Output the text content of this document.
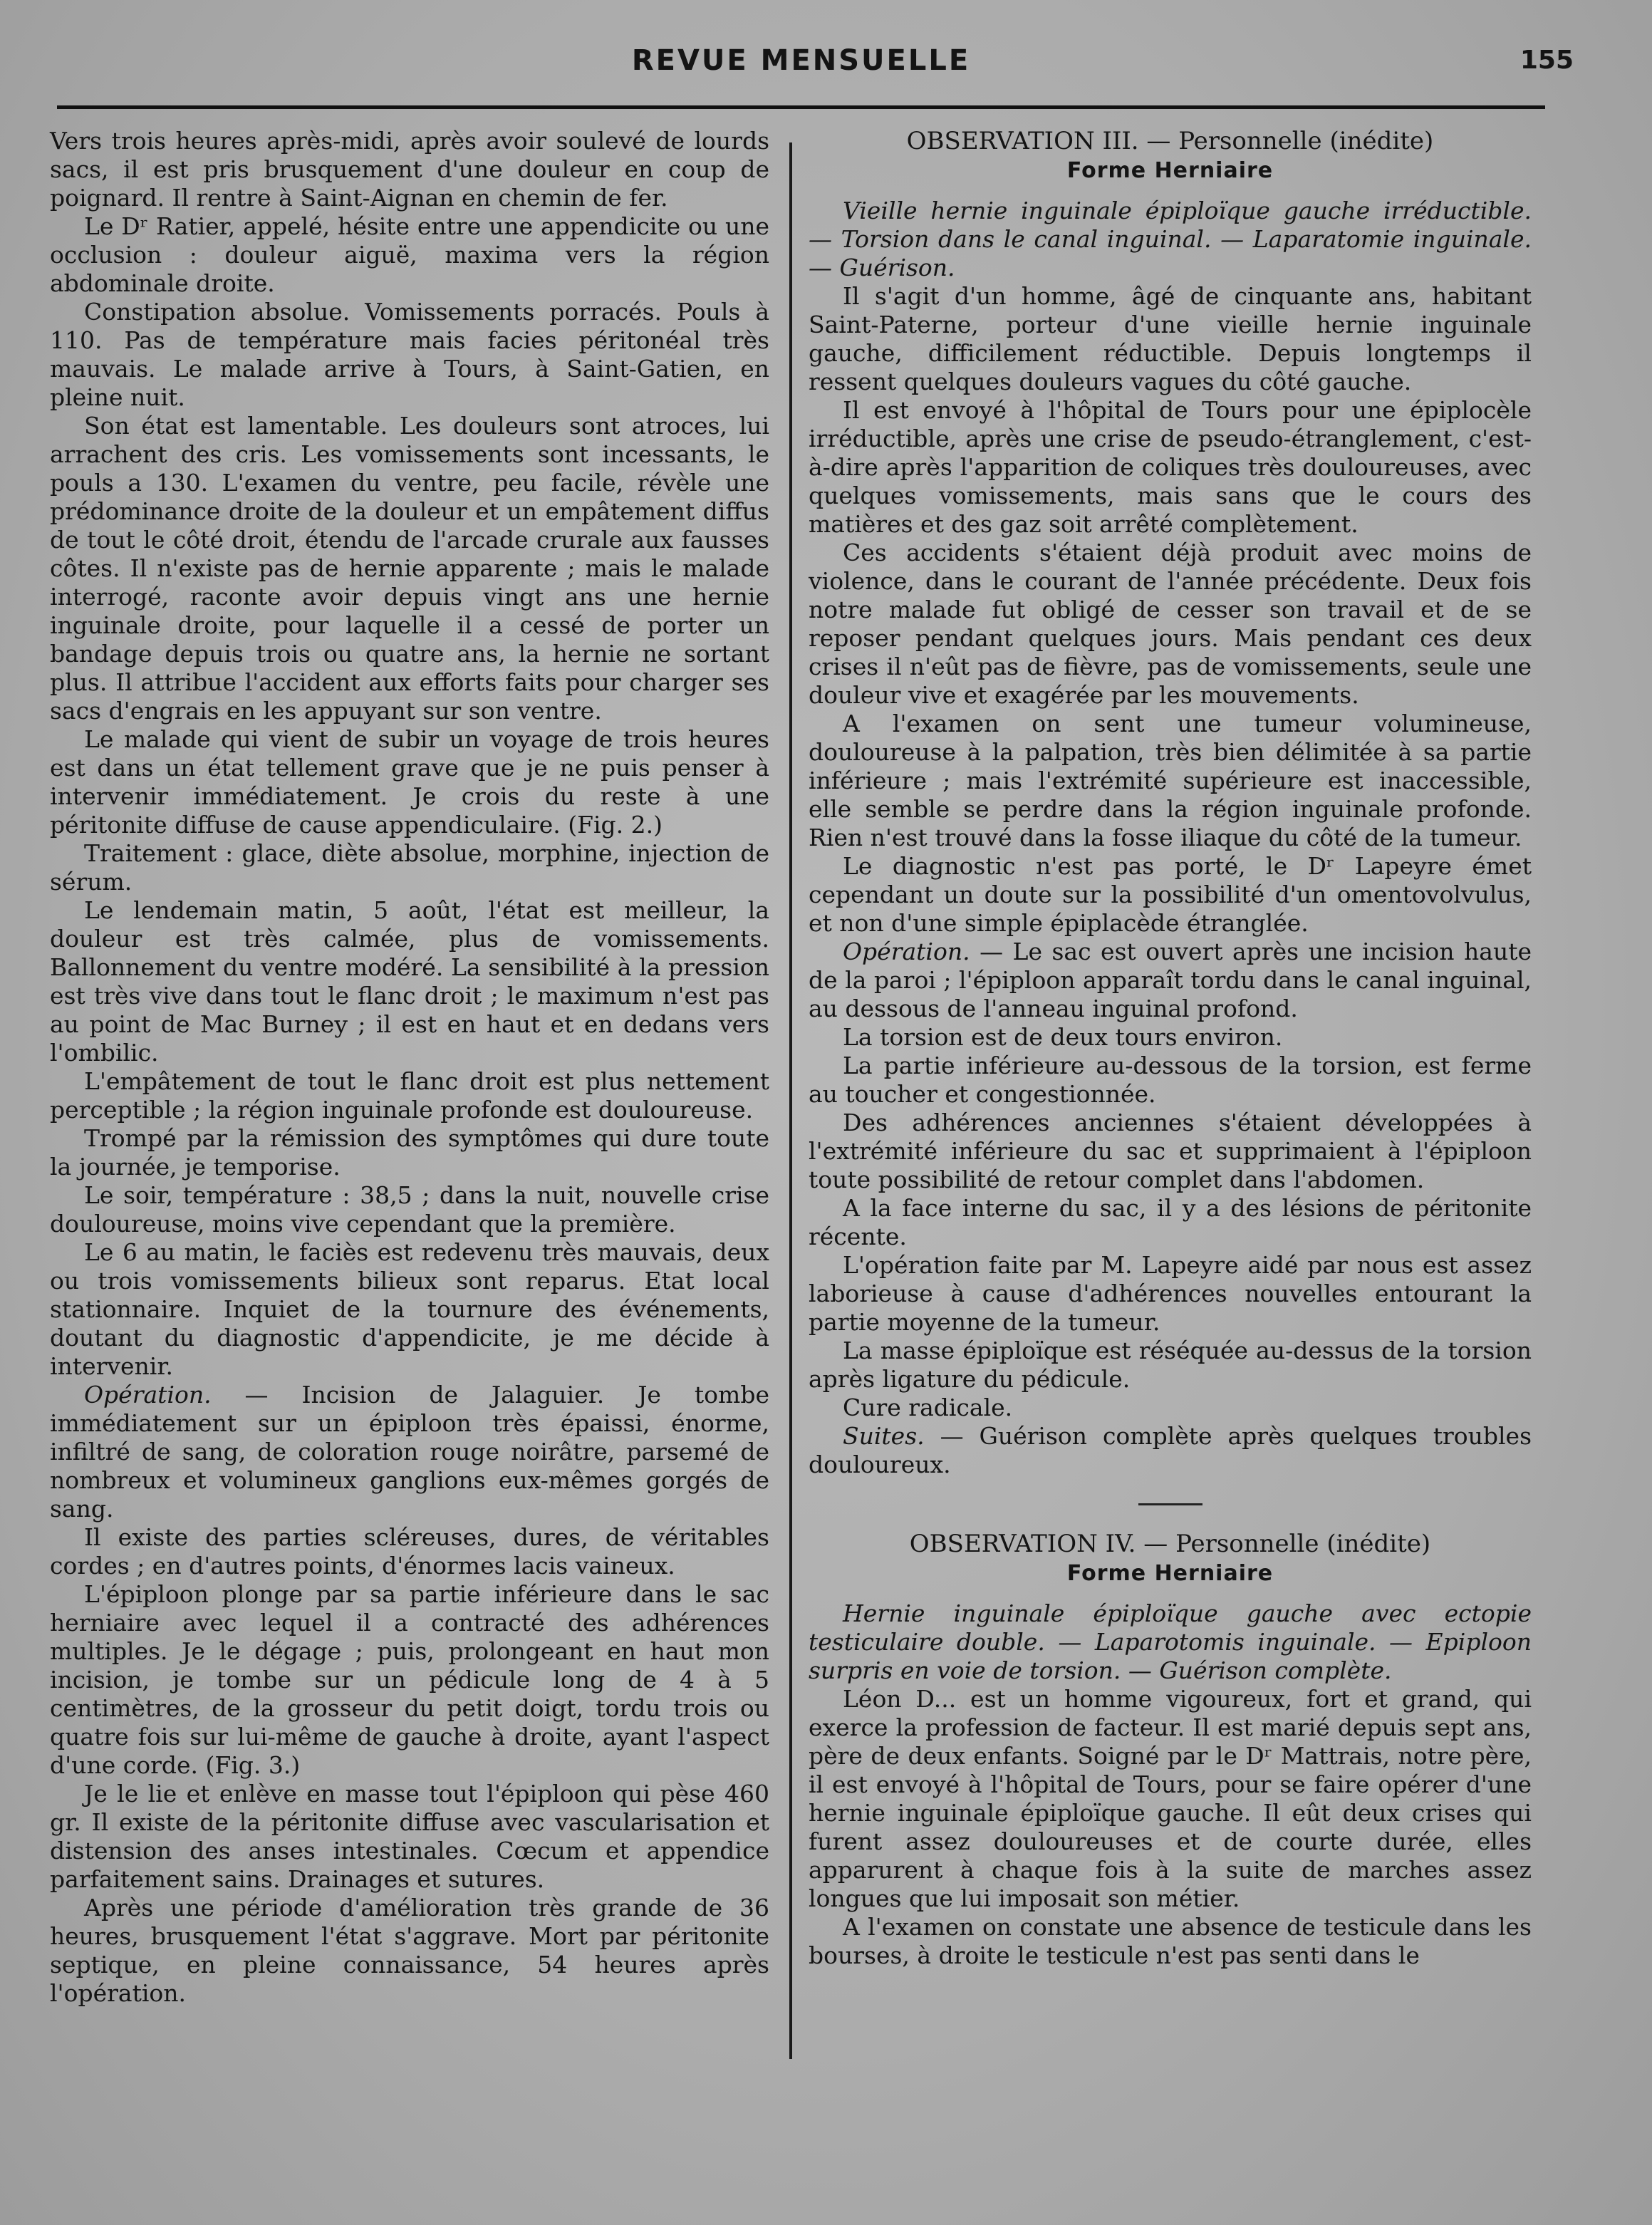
REVUE MENSUELLE	155

Vers trois heures après-midi, après avoir soulevé de lourds sacs, il est pris brusquement d'une douleur en coup de poignard. Il rentre à Saint-Aignan en chemin de fer.

Le Dʳ Ratier, appelé, hésite entre une appendicite ou une occlusion : douleur aiguë, maxima vers la région abdominale droite.

Constipation absolue. Vomissements porracés. Pouls à 110. Pas de température mais facies péritonéal très mauvais. Le malade arrive à Tours, à Saint-Gatien, en pleine nuit.

Son état est lamentable. Les douleurs sont atroces, lui arrachent des cris. Les vomissements sont incessants, le pouls a 130. L'examen du ventre, peu facile, révèle une prédominance droite de la douleur et un empâtement diffus de tout le côté droit, étendu de l'arcade crurale aux fausses côtes. Il n'existe pas de hernie apparente ; mais le malade interrogé, raconte avoir depuis vingt ans une hernie inguinale droite, pour laquelle il a cessé de porter un bandage depuis trois ou quatre ans, la hernie ne sortant plus. Il attribue l'accident aux efforts faits pour charger ses sacs d'engrais en les appuyant sur son ventre.

Le malade qui vient de subir un voyage de trois heures est dans un état tellement grave que je ne puis penser à intervenir immédiatement. Je crois du reste à une péritonite diffuse de cause appendiculaire. (Fig. 2.)

Traitement : glace, diète absolue, morphine, injection de sérum.

Le lendemain matin, 5 août, l'état est meilleur, la douleur est très calmée, plus de vomissements. Ballonnement du ventre modéré. La sensibilité à la pression est très vive dans tout le flanc droit ; le maximum n'est pas au point de Mac Burney ; il est en haut et en dedans vers l'ombilic.

L'empâtement de tout le flanc droit est plus nettement perceptible ; la région inguinale profonde est douloureuse.

Trompé par la rémission des symptômes qui dure toute la journée, je temporise.

Le soir, température : 38,5 ; dans la nuit, nouvelle crise douloureuse, moins vive cependant que la première.

Le 6 au matin, le faciès est redevenu très mauvais, deux ou trois vomissements bilieux sont reparus. Etat local stationnaire. Inquiet de la tournure des événements, doutant du diagnostic d'appendicite, je me décide à intervenir.

Opération. — Incision de Jalaguier. Je tombe immédiatement sur un épiploon très épaissi, énorme, infiltré de sang, de coloration rouge noirâtre, parsemé de nombreux et volumineux ganglions eux-mêmes gorgés de sang.

Il existe des parties scléreuses, dures, de véritables cordes ; en d'autres points, d'énormes lacis vaineux.

L'épiploon plonge par sa partie inférieure dans le sac herniaire avec lequel il a contracté des adhérences multiples. Je le dégage ; puis, prolongeant en haut mon incision, je tombe sur un pédicule long de 4 à 5 centimètres, de la grosseur du petit doigt, tordu trois ou quatre fois sur lui-même de gauche à droite, ayant l'aspect d'une corde. (Fig. 3.)

Je le lie et enlève en masse tout l'épiploon qui pèse 460 gr. Il existe de la péritonite diffuse avec vascularisation et distension des anses intestinales. Cœcum et appendice parfaitement sains. Drainages et sutures.

Après une période d'amélioration très grande de 36 heures, brusquement l'état s'aggrave. Mort par péritonite septique, en pleine connaissance, 54 heures après l'opération.

OBSERVATION III. — Personnelle (inédite)
Forme Herniaire

Vieille hernie inguinale épiploïque gauche irréductible. — Torsion dans le canal inguinal. — Laparatomie inguinale. — Guérison.

Il s'agit d'un homme, âgé de cinquante ans, habitant Saint-Paterne, porteur d'une vieille hernie inguinale gauche, difficilement réductible. Depuis longtemps il ressent quelques douleurs vagues du côté gauche.

Il est envoyé à l'hôpital de Tours pour une épiplocèle irréductible, après une crise de pseudo-étranglement, c'est-à-dire après l'apparition de coliques très douloureuses, avec quelques vomissements, mais sans que le cours des matières et des gaz soit arrêté complètement.

Ces accidents s'étaient déjà produit avec moins de violence, dans le courant de l'année précédente. Deux fois notre malade fut obligé de cesser son travail et de se reposer pendant quelques jours. Mais pendant ces deux crises il n'eût pas de fièvre, pas de vomissements, seule une douleur vive et exagérée par les mouvements.

A l'examen on sent une tumeur volumineuse, douloureuse à la palpation, très bien délimitée à sa partie inférieure ; mais l'extrémité supérieure est inaccessible, elle semble se perdre dans la région inguinale profonde. Rien n'est trouvé dans la fosse iliaque du côté de la tumeur.

Le diagnostic n'est pas porté, le Dʳ Lapeyre émet cependant un doute sur la possibilité d'un omentovolvulus, et non d'une simple épiplacède étranglée.

Opération. — Le sac est ouvert après une incision haute de la paroi ; l'épiploon apparaît tordu dans le canal inguinal, au dessous de l'anneau inguinal profond.

La torsion est de deux tours environ.

La partie inférieure au-dessous de la torsion, est ferme au toucher et congestionnée.

Des adhérences anciennes s'étaient développées à l'extrémité inférieure du sac et supprimaient à l'épiploon toute possibilité de retour complet dans l'abdomen.

A la face interne du sac, il y a des lésions de péritonite récente.

L'opération faite par M. Lapeyre aidé par nous est assez laborieuse à cause d'adhérences nouvelles entourant la partie moyenne de la tumeur.

La masse épiploïque est réséquée au-dessus de la torsion après ligature du pédicule.

Cure radicale.

Suites. — Guérison complète après quelques troubles douloureux.

OBSERVATION IV. — Personnelle (inédite)
Forme Herniaire

Hernie inguinale épiploïque gauche avec ectopie testiculaire double. — Laparotomis inguinale. — Epiploon surpris en voie de torsion. — Guérison complète.

Léon D... est un homme vigoureux, fort et grand, qui exerce la profession de facteur. Il est marié depuis sept ans, père de deux enfants. Soigné par le Dʳ Mattrais, notre père, il est envoyé à l'hôpital de Tours, pour se faire opérer d'une hernie inguinale épiploïque gauche. Il eût deux crises qui furent assez douloureuses et de courte durée, elles apparurent à chaque fois à la suite de marches assez longues que lui imposait son métier.

A l'examen on constate une absence de testicule dans les bourses, à droite le testicule n'est pas senti dans le
